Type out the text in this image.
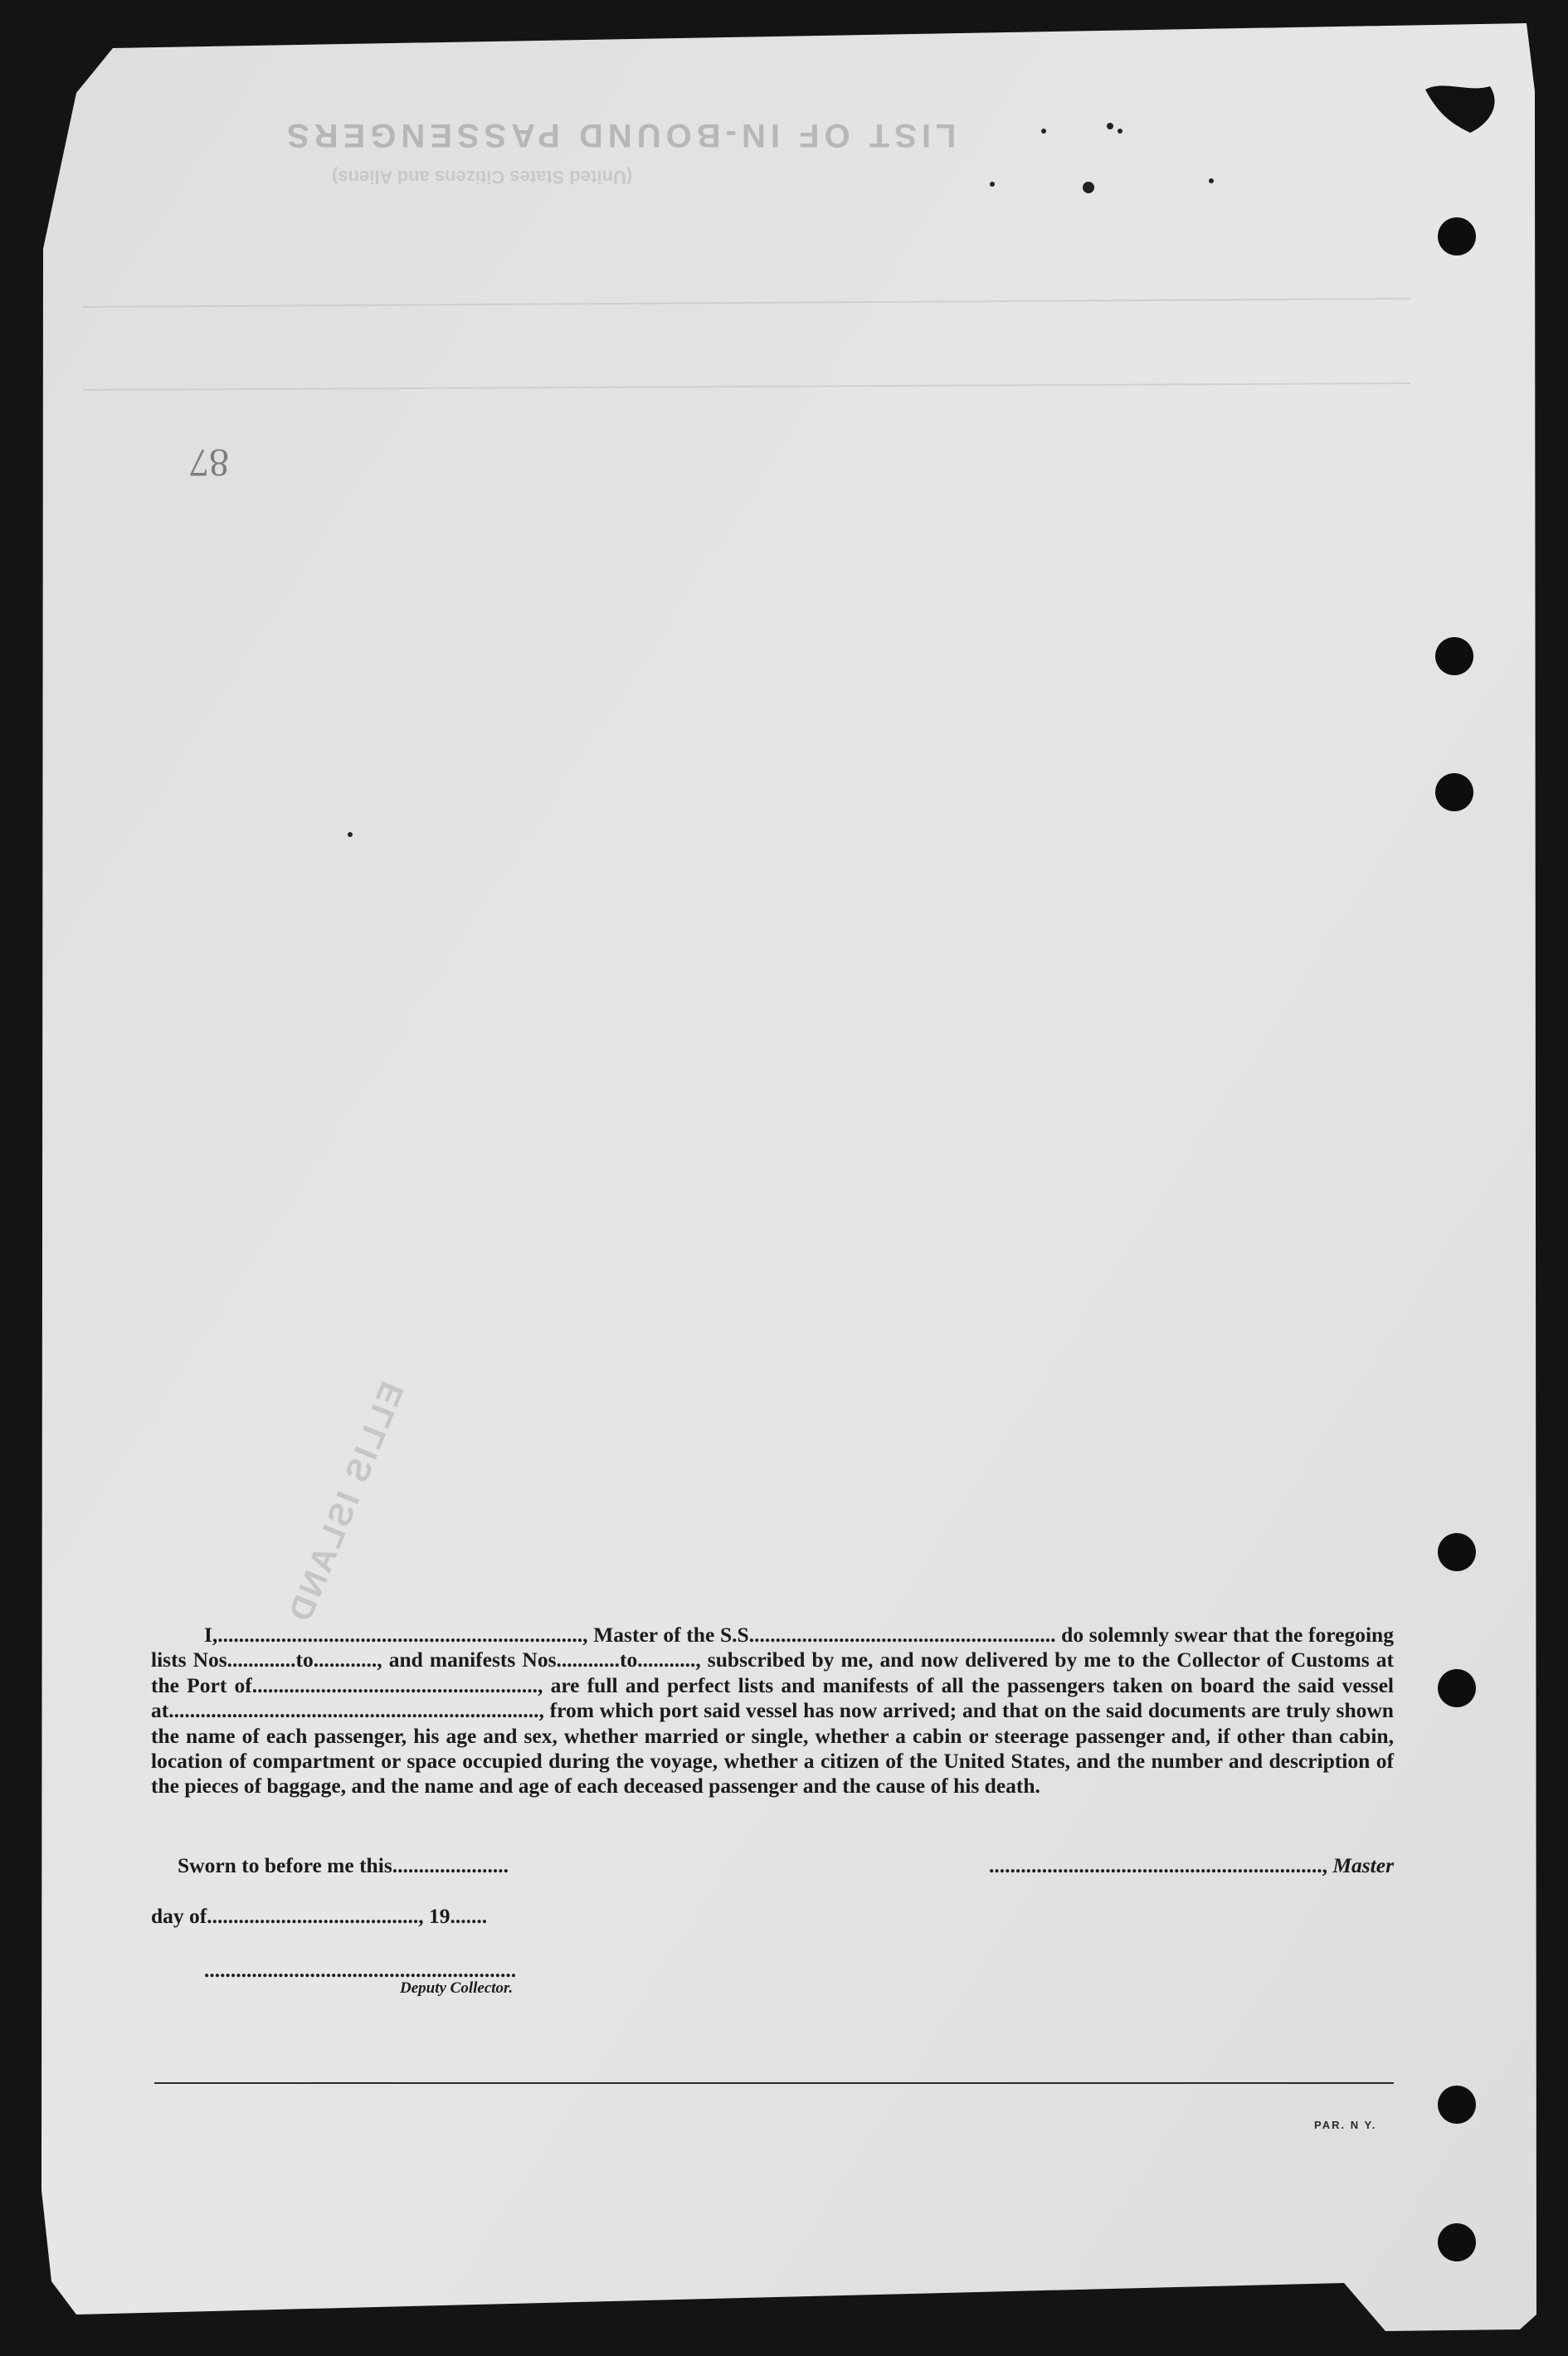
LIST OF IN-BOUND PASSENGERS
(United States Citizens and Aliens)
ELLIS ISLAND
87

I,....................................................................., Master of the S.S.......................................................... do solemnly swear that the foregoing lists Nos.............to............, and manifests Nos............to..........., subscribed by me, and now delivered by me to the Collector of Customs at the Port of......................................................, are full and perfect lists and manifests of all the passengers taken on board the said vessel at......................................................................, from which port said vessel has now arrived; and that on the said documents are truly shown the name of each passenger, his age and sex, whether married or single, whether a cabin or steerage passenger and, if other than cabin, location of compartment or space occupied during the voyage, whether a citizen of the United States, and the number and description of the pieces of baggage, and the name and age of each deceased passenger and the cause of his death.

Sworn to before me this......................	..............................................................., Master
day of........................................, 19.......
...........................................................
Deputy Collector.
PAR. N Y.
